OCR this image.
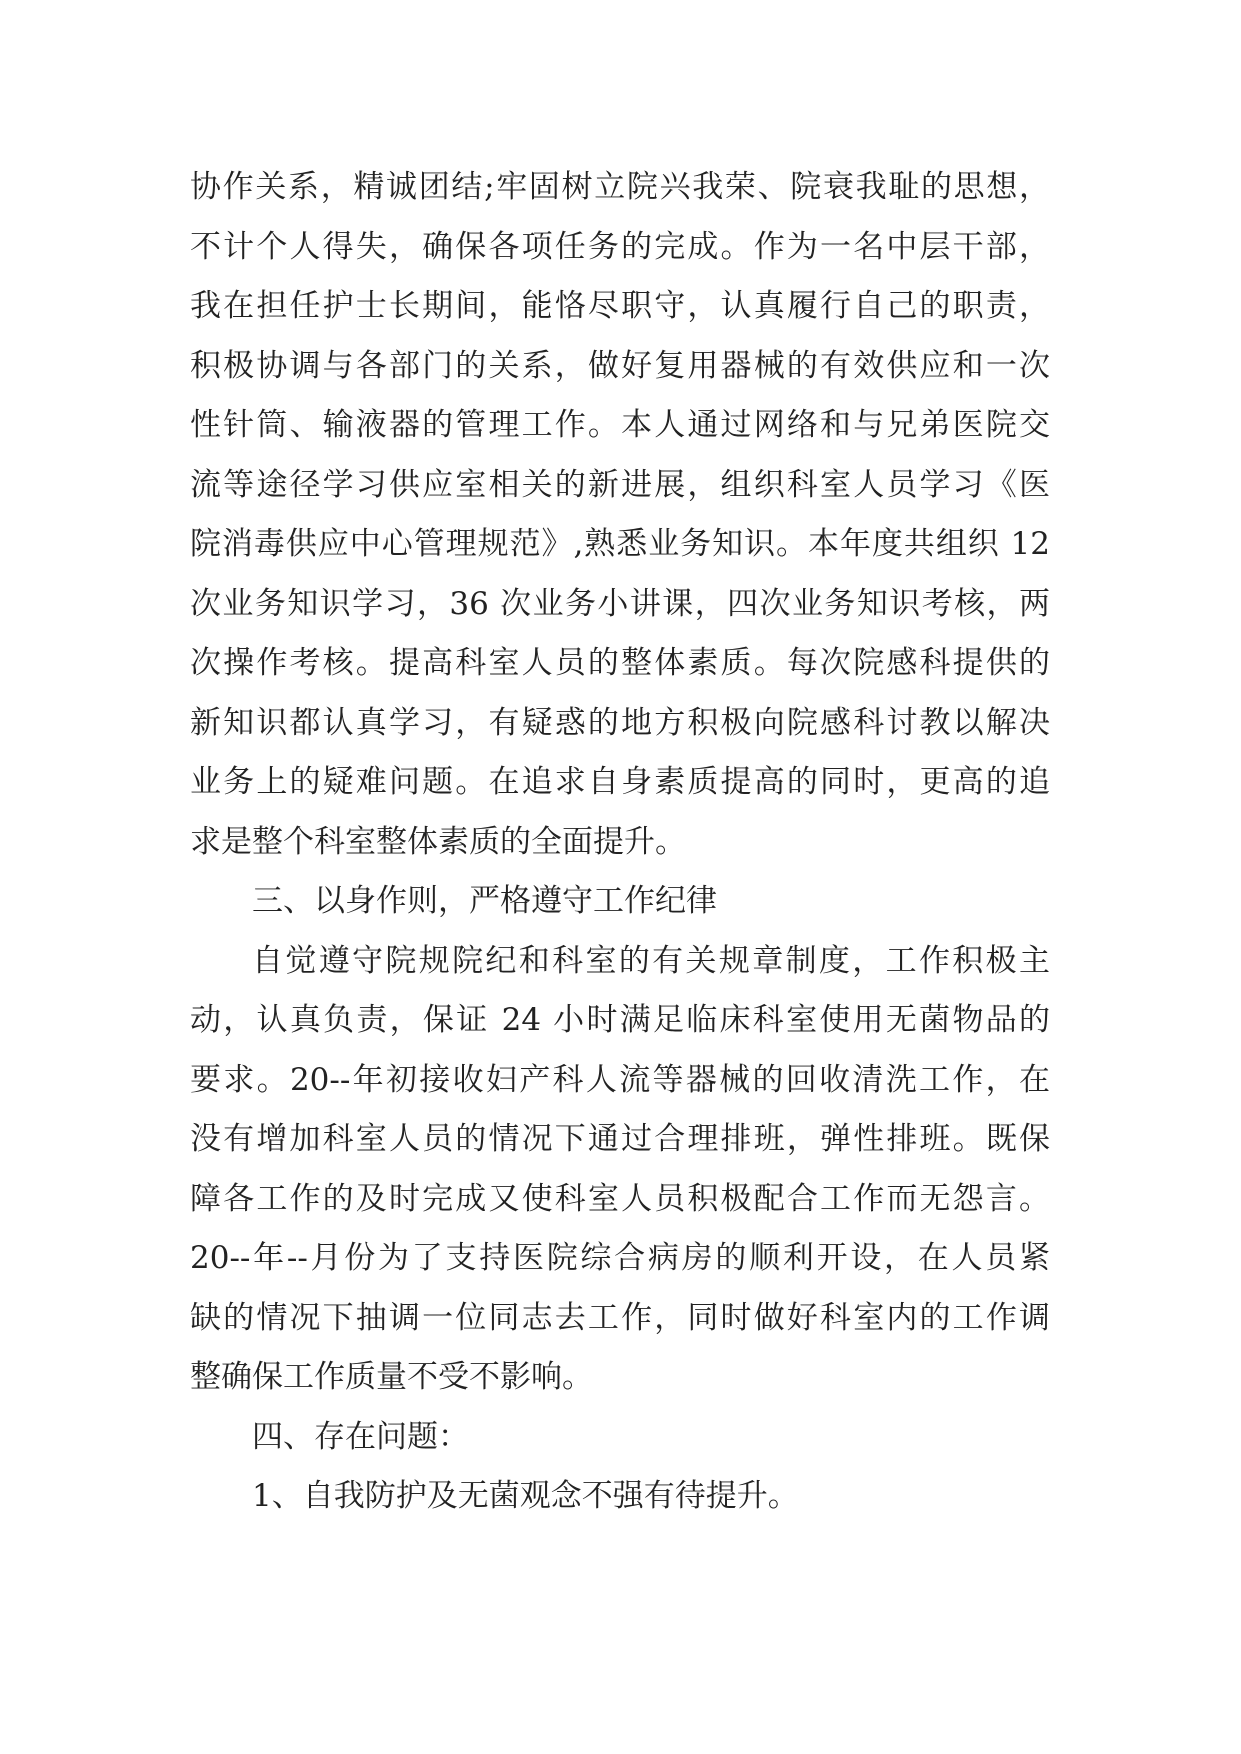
协作关系，精诚团结;牢固树立院兴我荣、院衰我耻的思想，
不计个人得失，确保各项任务的完成。作为一名中层干部，
我在担任护士长期间，能恪尽职守，认真履行自己的职责，
积极协调与各部门的关系，做好复用器械的有效供应和一次
性针筒、输液器的管理工作。本人通过网络和与兄弟医院交
流等途径学习供应室相关的新进展，组织科室人员学习《医
院消毒供应中心管理规范》,熟悉业务知识。本年度共组织 12
次业务知识学习，36 次业务小讲课，四次业务知识考核，两
次操作考核。提高科室人员的整体素质。每次院感科提供的
新知识都认真学习，有疑惑的地方积极向院感科讨教以解决
业务上的疑难问题。在追求自身素质提高的同时，更高的追
求是整个科室整体素质的全面提升。
三、以身作则，严格遵守工作纪律
自觉遵守院规院纪和科室的有关规章制度，工作积极主
动，认真负责，保证 24 小时满足临床科室使用无菌物品的
要求。20--年初接收妇产科人流等器械的回收清洗工作，在
没有增加科室人员的情况下通过合理排班，弹性排班。既保
障各工作的及时完成又使科室人员积极配合工作而无怨言。
20--年--月份为了支持医院综合病房的顺利开设，在人员紧
缺的情况下抽调一位同志去工作，同时做好科室内的工作调
整确保工作质量不受不影响。
四、存在问题：
1、自我防护及无菌观念不强有待提升。
